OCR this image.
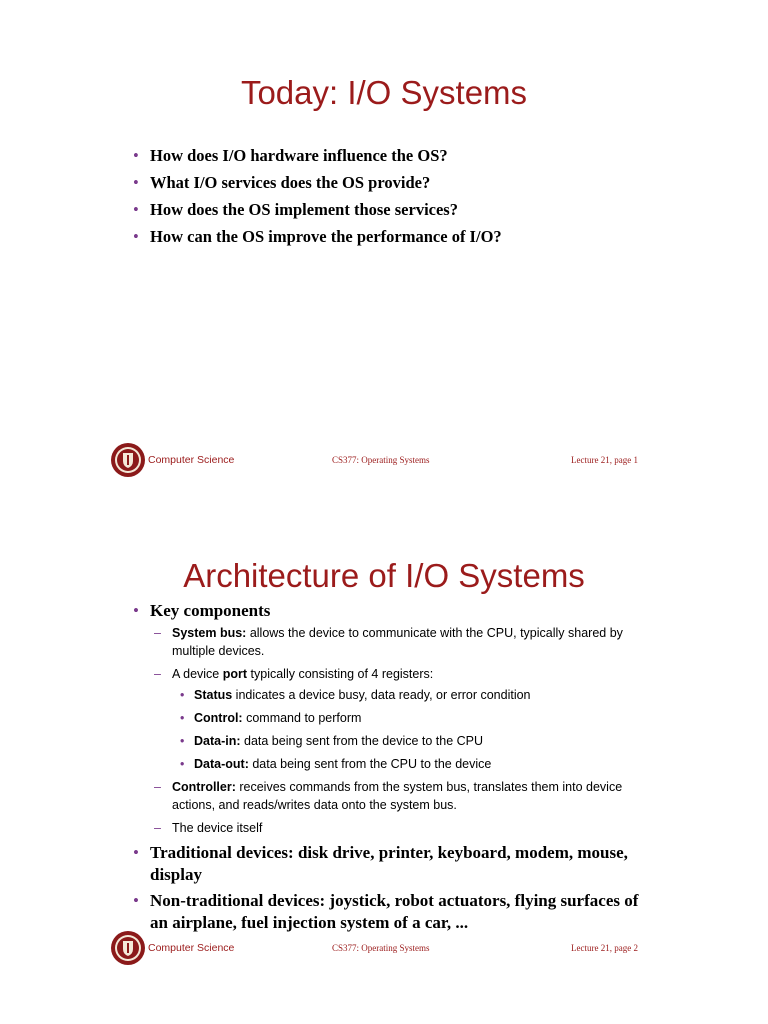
Today: I/O Systems
• How does I/O hardware influence the OS?
• What I/O services does the OS provide?
• How does the OS implement those services?
• How can the OS improve the performance of I/O?
Computer Science	CS377: Operating Systems	Lecture 21, page 1
Architecture of I/O Systems
• Key components
– System bus: allows the device to communicate with the CPU, typically shared by multiple devices.
– A device port typically consisting of 4 registers:
• Status indicates a device busy, data ready, or error condition
• Control: command to perform
• Data-in: data being sent from the device to the CPU
• Data-out: data being sent from the CPU to the device
– Controller: receives commands from the system bus, translates them into device actions, and reads/writes data onto the system bus.
– The device itself
• Traditional devices: disk drive, printer, keyboard, modem, mouse, display
• Non-traditional devices: joystick, robot actuators, flying surfaces of an airplane, fuel injection system of a car, ...
Computer Science	CS377: Operating Systems	Lecture 21, page 2
